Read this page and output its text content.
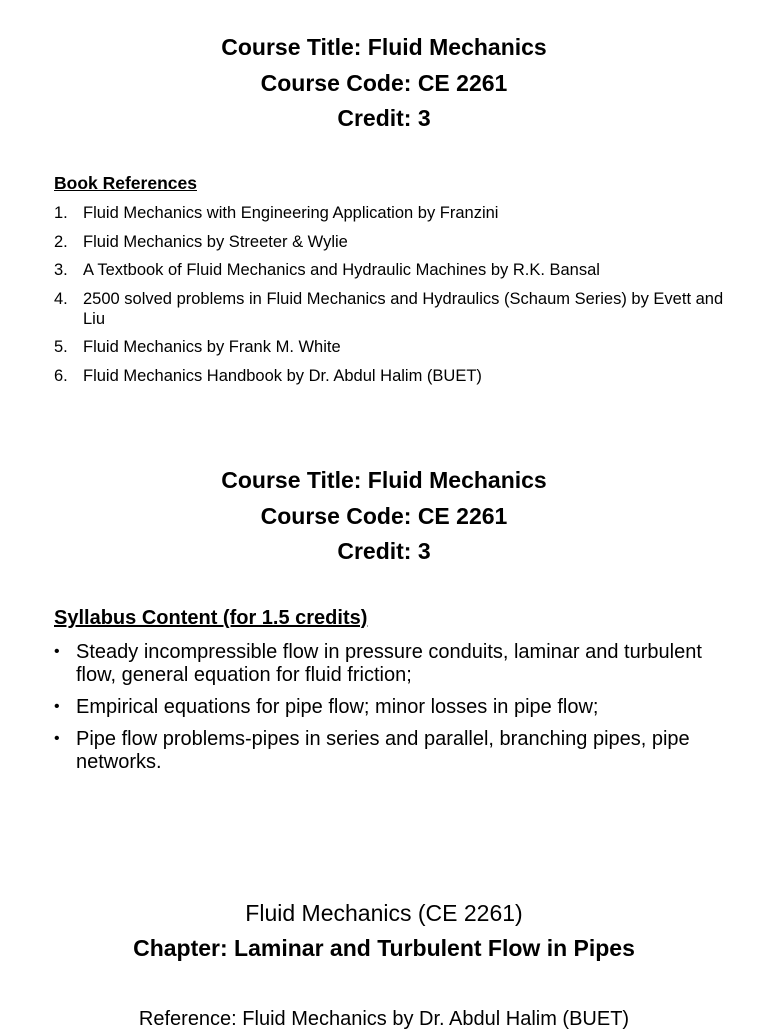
Course Title: Fluid Mechanics
Course Code: CE 2261
Credit: 3
Book References
1. Fluid Mechanics with Engineering Application by Franzini
2. Fluid Mechanics by Streeter & Wylie
3. A Textbook of Fluid Mechanics and Hydraulic Machines by R.K. Bansal
4. 2500 solved problems in Fluid Mechanics and Hydraulics (Schaum Series) by Evett and Liu
5. Fluid Mechanics by Frank M. White
6. Fluid Mechanics Handbook by Dr. Abdul Halim (BUET)
Course Title: Fluid Mechanics
Course Code: CE 2261
Credit: 3
Syllabus Content (for 1.5 credits)
• Steady incompressible flow in pressure conduits, laminar and turbulent flow, general equation for fluid friction;
• Empirical equations for pipe flow; minor losses in pipe flow;
• Pipe flow problems-pipes in series and parallel, branching pipes, pipe networks.
Fluid Mechanics (CE 2261)
Chapter: Laminar and Turbulent Flow in Pipes
Reference: Fluid Mechanics by Dr. Abdul Halim (BUET)
